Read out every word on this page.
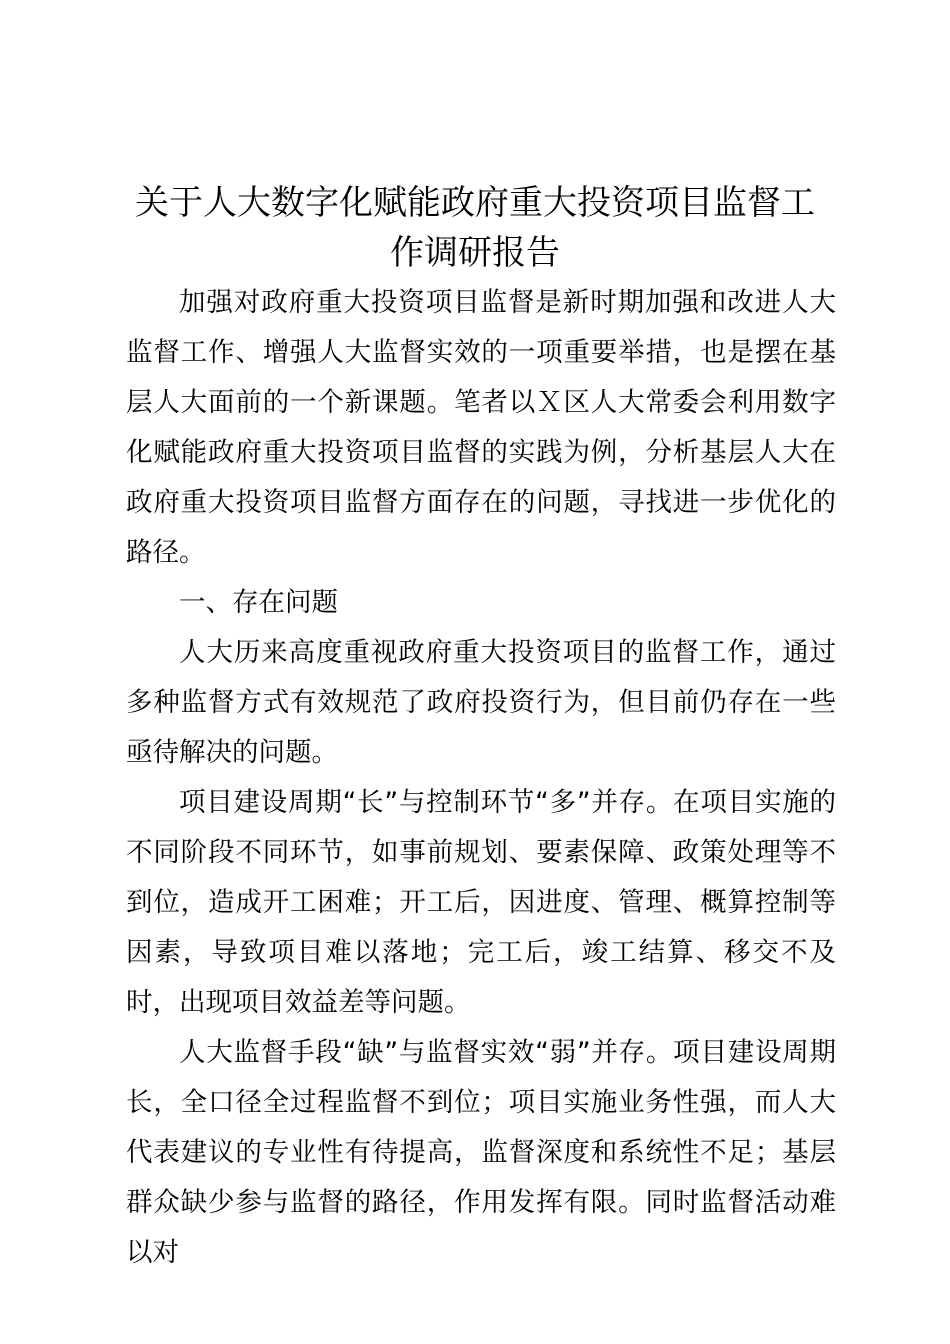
关于人大数字化赋能政府重大投资项目监督工作调研报告

加强对政府重大投资项目监督是新时期加强和改进人大监督工作、增强人大监督实效的一项重要举措，也是摆在基层人大面前的一个新课题。笔者以Ｘ区人大常委会利用数字化赋能政府重大投资项目监督的实践为例，分析基层人大在政府重大投资项目监督方面存在的问题，寻找进一步优化的路径。

一、存在问题

人大历来高度重视政府重大投资项目的监督工作，通过多种监督方式有效规范了政府投资行为，但目前仍存在一些亟待解决的问题。

项目建设周期“长”与控制环节“多”并存。在项目实施的不同阶段不同环节，如事前规划、要素保障、政策处理等不到位，造成开工困难；开工后，因进度、管理、概算控制等因素，导致项目难以落地；完工后，竣工结算、移交不及时，出现项目效益差等问题。

人大监督手段“缺”与监督实效“弱”并存。项目建设周期长，全口径全过程监督不到位；项目实施业务性强，而人大代表建议的专业性有待提高，监督深度和系统性不足；基层群众缺少参与监督的路径，作用发挥有限。同时监督活动难以对
